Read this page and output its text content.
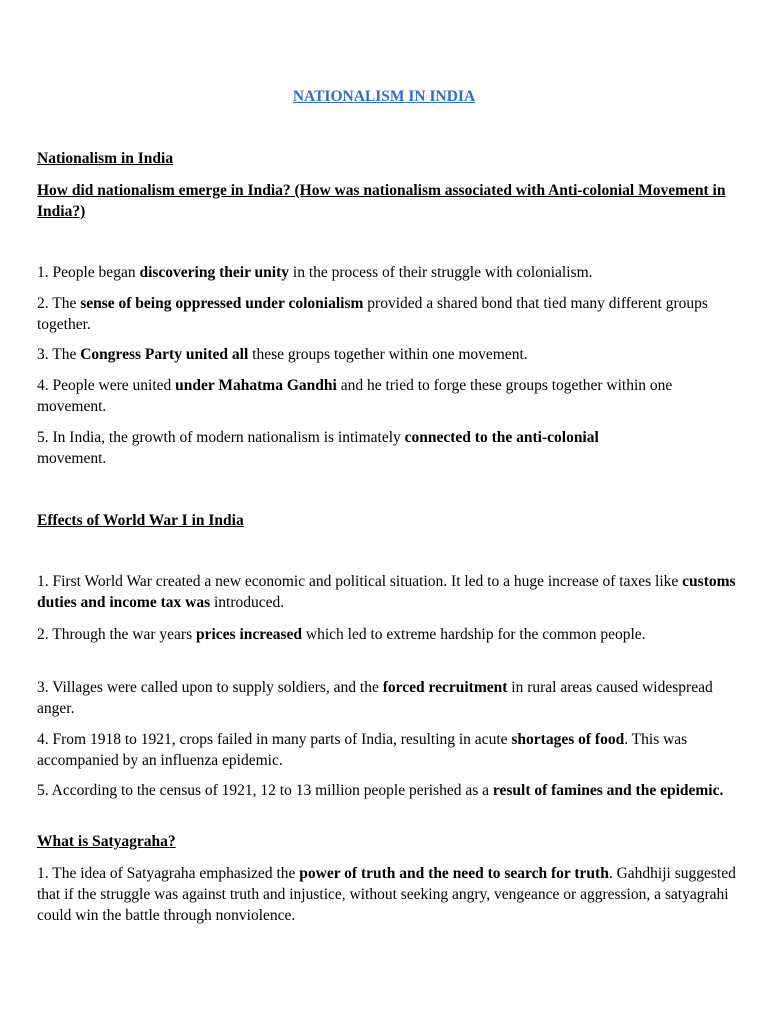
NATIONALISM IN INDIA
Nationalism in India
How did nationalism emerge in India? (How was nationalism associated with Anti-colonial Movement in India?)
1. People began discovering their unity in the process of their struggle with colonialism.
2. The sense of being oppressed under colonialism provided a shared bond that tied many different groups together.
3. The Congress Party united all these groups together within one movement.
4. People were united under Mahatma Gandhi and he tried to forge these groups together within one movement.
5. In India, the growth of modern nationalism is intimately connected to the anti-colonial movement.
Effects of World War I in India
1. First World War created a new economic and political situation. It led to a huge increase of taxes like customs duties and income tax was introduced.
2. Through the war years prices increased which led to extreme hardship for the common people.
3. Villages were called upon to supply soldiers, and the forced recruitment in rural areas caused widespread anger.
4. From 1918 to 1921, crops failed in many parts of India, resulting in acute shortages of food. This was accompanied by an influenza epidemic.
5. According to the census of 1921, 12 to 13 million people perished as a result of famines and the epidemic.
What is Satyagraha?
1. The idea of Satyagraha emphasized the power of truth and the need to search for truth. Gahdhiji suggested that if the struggle was against truth and injustice, without seeking angry, vengeance or aggression, a satyagrahi could win the battle through nonviolence.
